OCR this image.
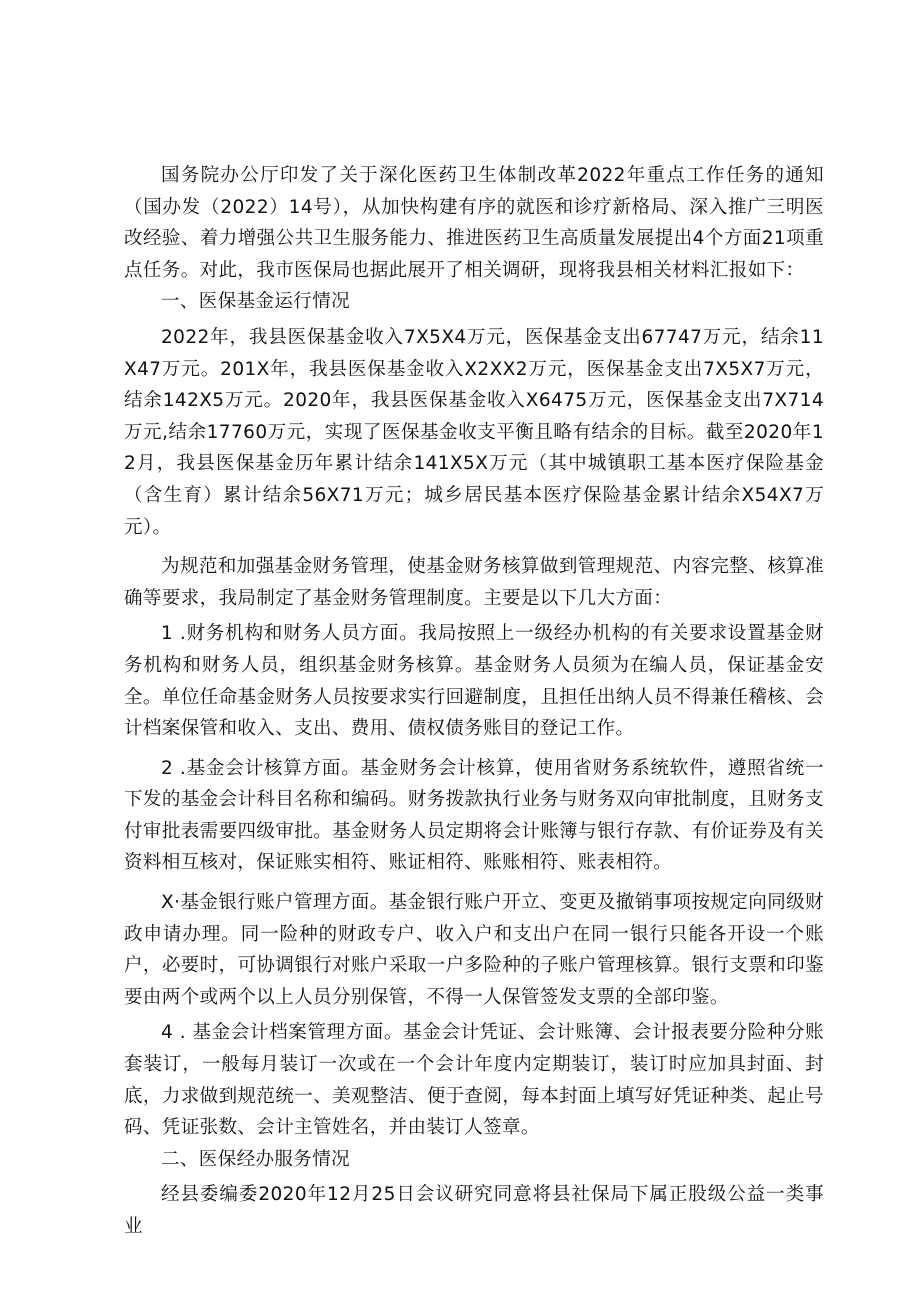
国务院办公厅印发了关于深化医药卫生体制改革2022年重点工作任务的通知（国办发（2022）14号），从加快构建有序的就医和诊疗新格局、深入推广三明医改经验、着力增强公共卫生服务能力、推进医药卫生高质量发展提出4个方面21项重点任务。对此，我市医保局也据此展开了相关调研，现将我县相关材料汇报如下：

一、医保基金运行情况

2022年，我县医保基金收入7X5X4万元，医保基金支出67747万元，结余11X47万元。201X年，我县医保基金收入X2XX2万元，医保基金支出7X5X7万元，结余142X5万元。2020年，我县医保基金收入X6475万元，医保基金支出7X714万元,结余17760万元，实现了医保基金收支平衡且略有结余的目标。截至2020年12月，我县医保基金历年累计结余141X5X万元（其中城镇职工基本医疗保险基金（含生育）累计结余56X71万元；城乡居民基本医疗保险基金累计结余X54X7万元）。

为规范和加强基金财务管理，使基金财务核算做到管理规范、内容完整、核算准确等要求，我局制定了基金财务管理制度。主要是以下几大方面：

1 .财务机构和财务人员方面。我局按照上一级经办机构的有关要求设置基金财务机构和财务人员，组织基金财务核算。基金财务人员须为在编人员，保证基金安全。单位任命基金财务人员按要求实行回避制度，且担任出纳人员不得兼任稽核、会计档案保管和收入、支出、费用、债权债务账目的登记工作。

2 .基金会计核算方面。基金财务会计核算，使用省财务系统软件，遵照省统一下发的基金会计科目名称和编码。财务拨款执行业务与财务双向审批制度，且财务支付审批表需要四级审批。基金财务人员定期将会计账簿与银行存款、有价证券及有关资料相互核对，保证账实相符、账证相符、账账相符、账表相符。

X·基金银行账户管理方面。基金银行账户开立、变更及撤销事项按规定向同级财政申请办理。同一险种的财政专户、收入户和支出户在同一银行只能各开设一个账户，必要时，可协调银行对账户采取一户多险种的子账户管理核算。银行支票和印鉴要由两个或两个以上人员分别保管，不得一人保管签发支票的全部印鉴。

4 . 基金会计档案管理方面。基金会计凭证、会计账簿、会计报表要分险种分账套装订，一般每月装订一次或在一个会计年度内定期装订，装订时应加具封面、封底，力求做到规范统一、美观整洁、便于查阅，每本封面上填写好凭证种类、起止号码、凭证张数、会计主管姓名，并由装订人签章。

二、医保经办服务情况

经县委编委2020年12月25日会议研究同意将县社保局下属正股级公益一类事业
